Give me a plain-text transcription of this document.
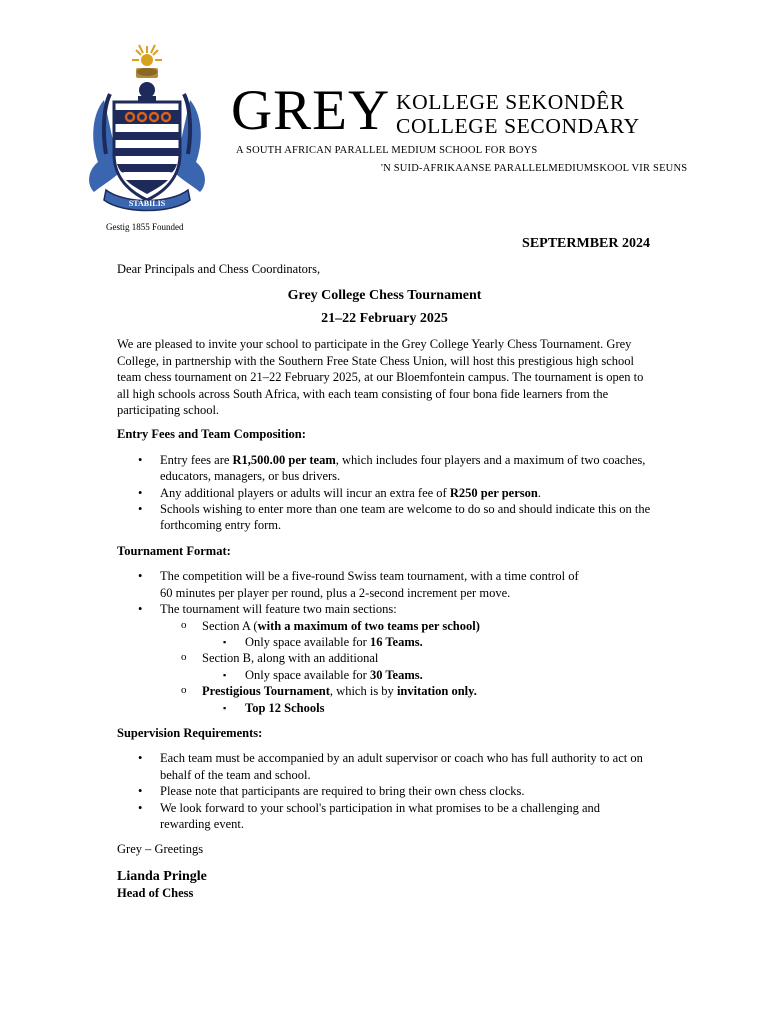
STABILIS
Gestig 1855 Founded
GREY KOLLEGE SEKONDÊR
COLLEGE SECONDARY
A SOUTH AFRICAN PARALLEL MEDIUM SCHOOL FOR BOYS
'N SUID-AFRIKAANSE PARALLELMEDIUMSKOOL VIR SEUNS
SEPTERMBER 2024

Dear Principals and Chess Coordinators,

Grey College Chess Tournament

21–22 February 2025

We are pleased to invite your school to participate in the Grey College Yearly Chess Tournament. Grey College, in partnership with the Southern Free State Chess Union, will host this prestigious high school team chess tournament on 21–22 February 2025, at our Bloemfontein campus. The tournament is open to all high schools across South Africa, with each team consisting of four bona fide learners from the participating school.

Entry Fees and Team Composition:

• Entry fees are R1,500.00 per team, which includes four players and a maximum of two coaches, educators, managers, or bus drivers.
• Any additional players or adults will incur an extra fee of R250 per person.
• Schools wishing to enter more than one team are welcome to do so and should indicate this on the forthcoming entry form.

Tournament Format:

• The competition will be a five-round Swiss team tournament, with a time control of
60 minutes per player per round, plus a 2-second increment per move.
• The tournament will feature two main sections:
o Section A (with a maximum of two teams per school)
▪ Only space available for 16 Teams.
o Section B, along with an additional
▪ Only space available for 30 Teams.
o Prestigious Tournament, which is by invitation only.
▪ Top 12 Schools

Supervision Requirements:

• Each team must be accompanied by an adult supervisor or coach who has full authority to act on behalf of the team and school.
• Please note that participants are required to bring their own chess clocks.
• We look forward to your school's participation in what promises to be a challenging and rewarding event.

Grey – Greetings

Lianda Pringle

Head of Chess
